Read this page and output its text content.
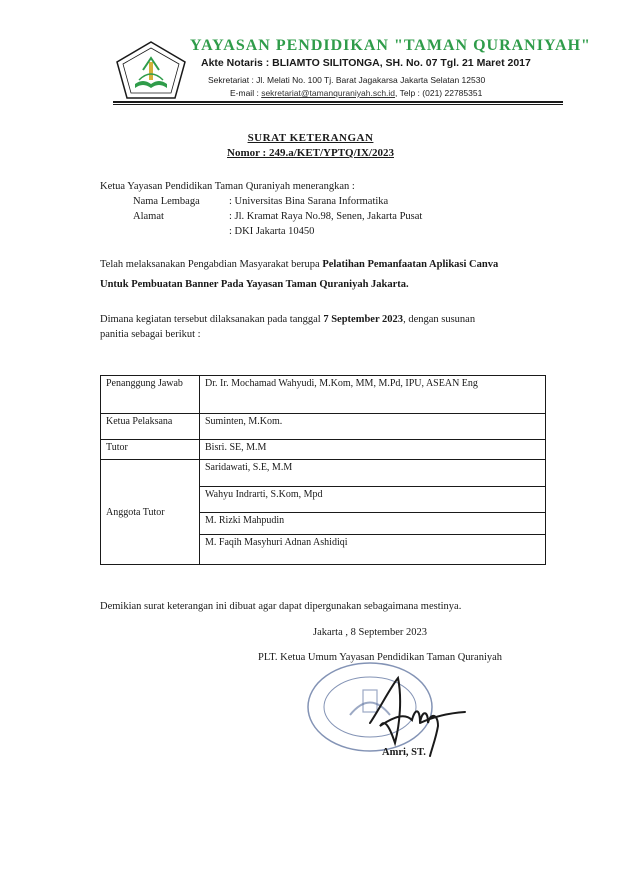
YAYASAN PENDIDIKAN "TAMAN QURANIYAH"
Akte Notaris : BLIAMTO SILITONGA, SH. No. 07 Tgl. 21 Maret 2017
Sekretariat : Jl. Melati No. 100 Tj. Barat Jagakarsa Jakarta Selatan 12530
E-mail : sekretariat@tamanquraniyah.sch.id, Telp : (021) 22785351
SURAT KETERANGAN
Nomor : 249.a/KET/YPTQ/IX/2023
Ketua Yayasan Pendidikan Taman Quraniyah menerangkan :
Nama Lembaga	: Universitas Bina Sarana Informatika
Alamat	: Jl. Kramat Raya No.98, Senen, Jakarta Pusat
: DKI Jakarta 10450
Telah melaksanakan Pengabdian Masyarakat berupa Pelatihan Pemanfaatan Aplikasi Canva
Untuk Pembuatan Banner Pada Yayasan Taman Quraniyah Jakarta.
Dimana kegiatan tersebut dilaksanakan pada tanggal 7 September 2023, dengan susunan
panitia sebagai berikut :
Penanggung Jawab	Dr. Ir. Mochamad Wahyudi, M.Kom, MM, M.Pd, IPU, ASEAN Eng
Ketua Pelaksana	Suminten, M.Kom.
Tutor	Bisri. SE, M.M
Anggota Tutor	Saridawati, S.E, M.M
	Wahyu Indrarti, S.Kom, Mpd
	M. Rizki Mahpudin
	M. Faqih Masyhuri Adnan Ashidiqi
Demikian surat keterangan ini dibuat agar dapat dipergunakan sebagaimana mestinya.
Jakarta , 8 September 2023
PLT. Ketua Umum Yayasan Pendidikan Taman Quraniyah
Amri, ST.
